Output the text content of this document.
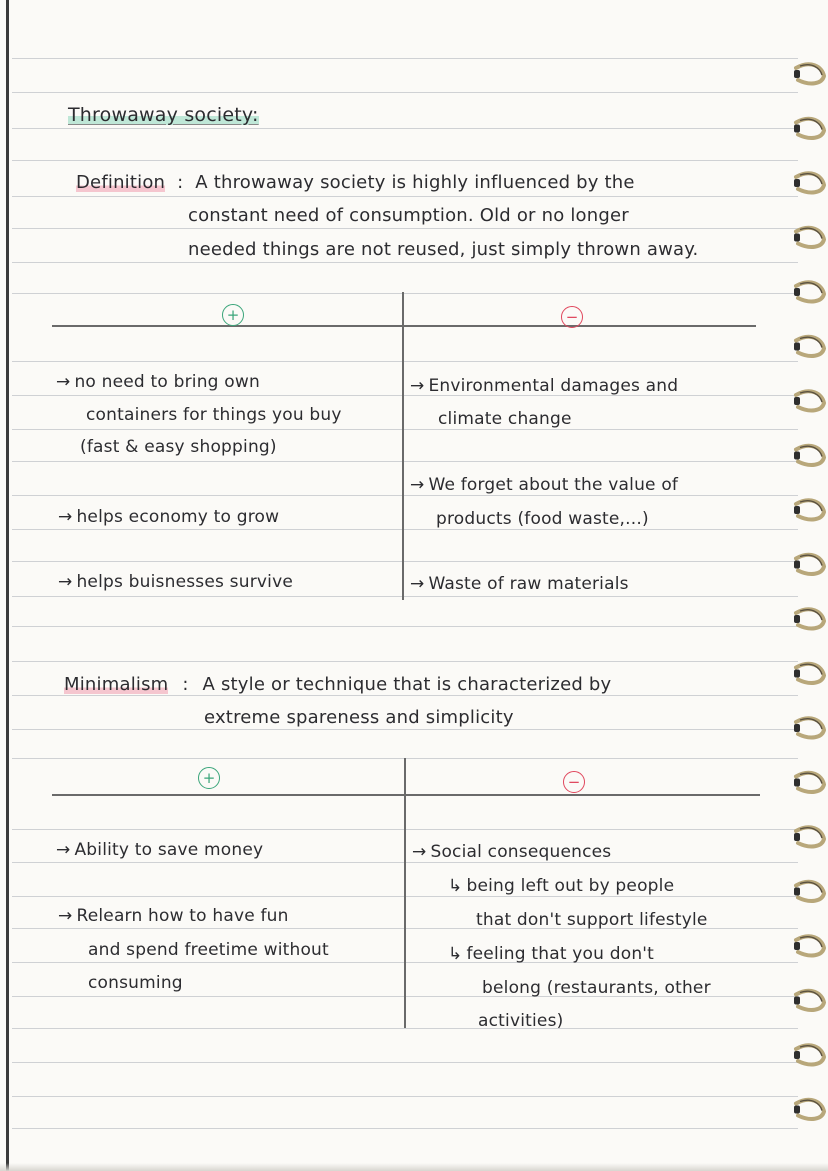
Throwaway society:
Definition : A throwaway society is highly influenced by the
constant need of consumption. Old or no longer
needed things are not reused, just simply thrown away.
+	−
→ no need to bring own
containers for things you buy
(fast & easy shopping)
→ helps economy to grow
→ helps buisnesses survive
→ Environmental damages and
climate change
→ We forget about the value of
products (food waste,...)
→ Waste of raw materials
Minimalism : A style or technique that is characterized by
extreme spareness and simplicity
+	−
→ Ability to save money
→ Relearn how to have fun
and spend freetime without
consuming
→ Social consequences
↳ being left out by people
that don't support lifestyle
↳ feeling that you don't
belong (restaurants, other
activities)
